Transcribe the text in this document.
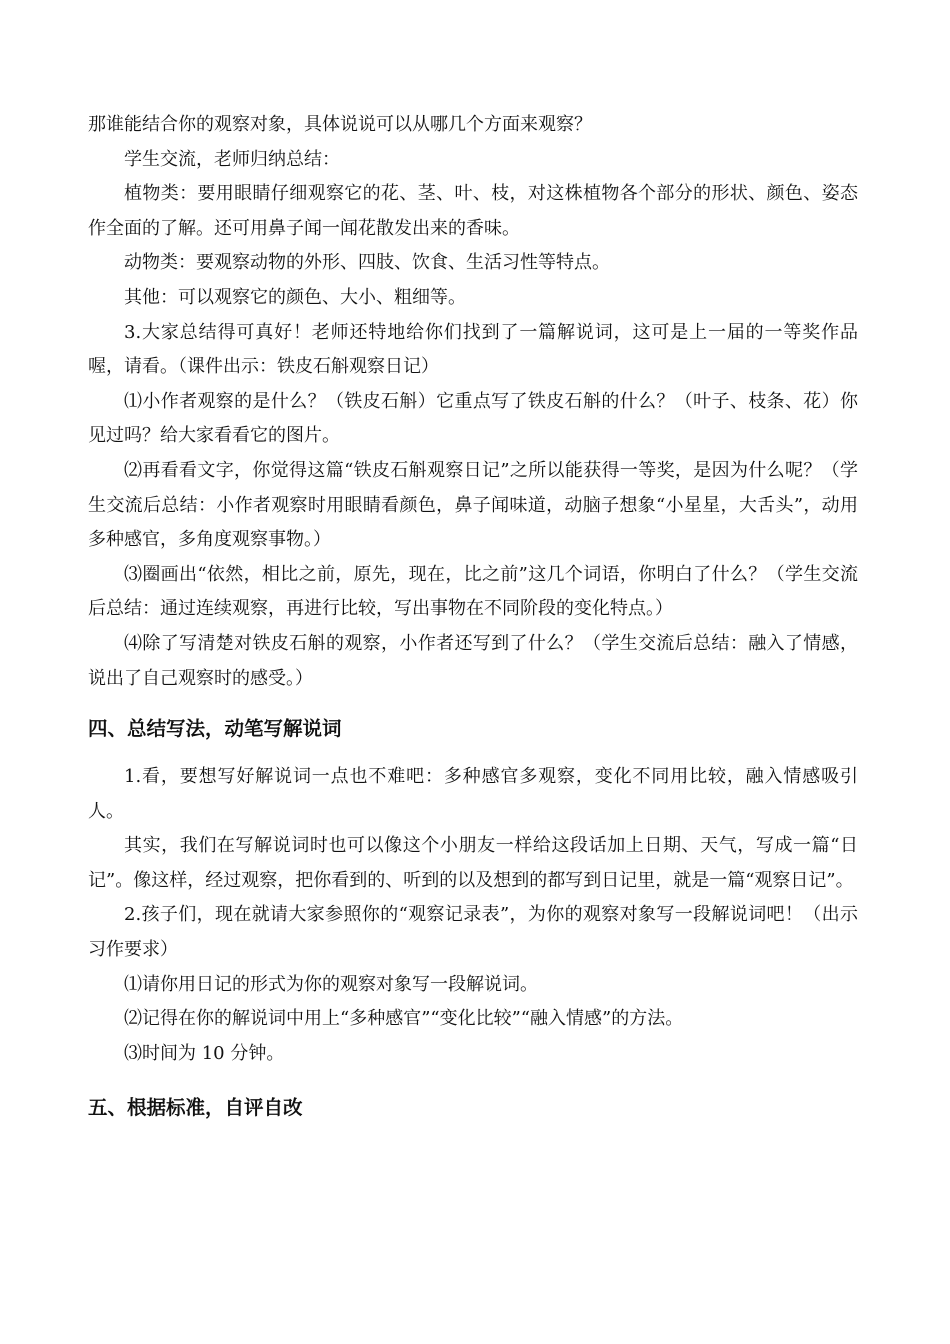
那谁能结合你的观察对象，具体说说可以从哪几个方面来观察？

学生交流，老师归纳总结：

植物类：要用眼睛仔细观察它的花、茎、叶、枝，对这株植物各个部分的形状、颜色、姿态作全面的了解。还可用鼻子闻一闻花散发出来的香味。

动物类：要观察动物的外形、四肢、饮食、生活习性等特点。

其他：可以观察它的颜色、大小、粗细等。

3.大家总结得可真好！老师还特地给你们找到了一篇解说词，这可是上一届的一等奖作品喔，请看。（课件出示：铁皮石斛观察日记）

⑴小作者观察的是什么？（铁皮石斛）它重点写了铁皮石斛的什么？（叶子、枝条、花）你见过吗？给大家看看它的图片。

⑵再看看文字，你觉得这篇“铁皮石斛观察日记”之所以能获得一等奖，是因为什么呢？（学生交流后总结：小作者观察时用眼睛看颜色，鼻子闻味道，动脑子想象“小星星，大舌头”，动用多种感官，多角度观察事物。）

⑶圈画出“依然，相比之前，原先，现在，比之前”这几个词语，你明白了什么？（学生交流后总结：通过连续观察，再进行比较，写出事物在不同阶段的变化特点。）

⑷除了写清楚对铁皮石斛的观察，小作者还写到了什么？（学生交流后总结：融入了情感，说出了自己观察时的感受。）

四、总结写法，动笔写解说词

1.看，要想写好解说词一点也不难吧：多种感官多观察，变化不同用比较，融入情感吸引人。

其实，我们在写解说词时也可以像这个小朋友一样给这段话加上日期、天气，写成一篇“日记”。像这样，经过观察，把你看到的、听到的以及想到的都写到日记里，就是一篇“观察日记”。

2.孩子们，现在就请大家参照你的“观察记录表”，为你的观察对象写一段解说词吧！（出示习作要求）

⑴请你用日记的形式为你的观察对象写一段解说词。

⑵记得在你的解说词中用上“多种感官”“变化比较”“融入情感”的方法。

⑶时间为 10 分钟。

五、根据标准，自评自改
